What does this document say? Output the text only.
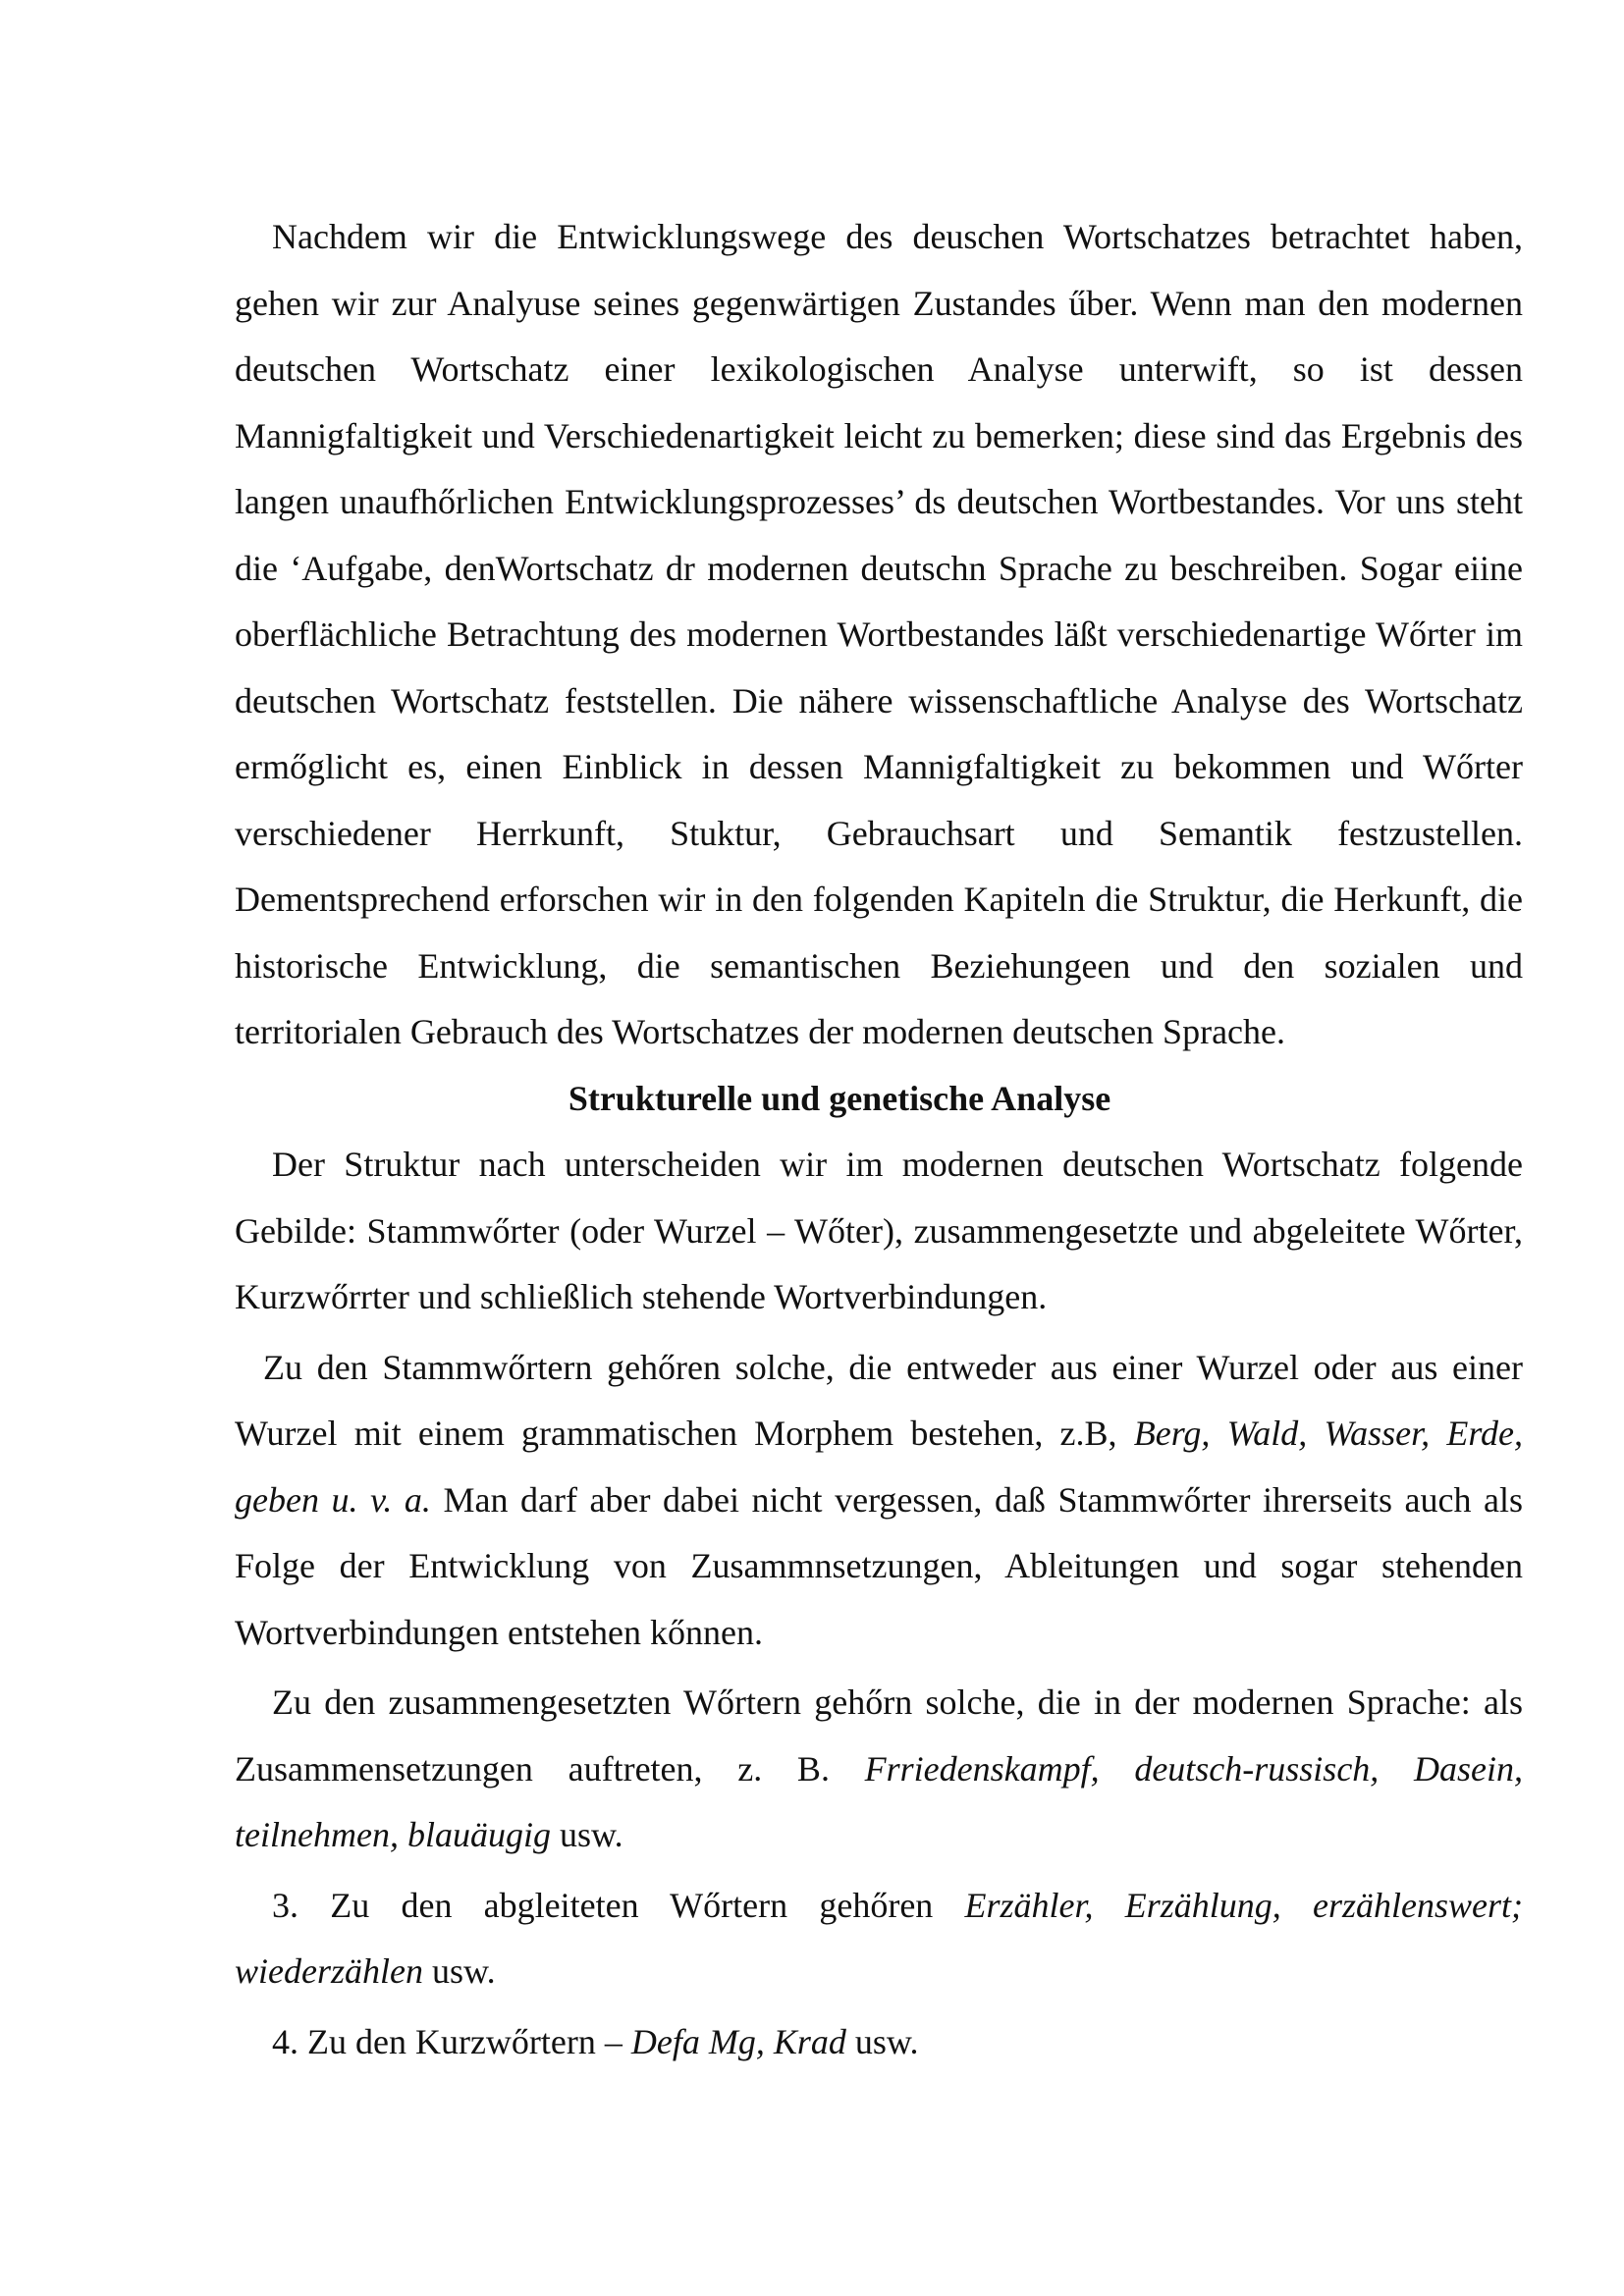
Nachdem wir die Entwicklungswege des deuschen Wortschatzes betrachtet haben, gehen wir zur Analyuse seines gegenwärtigen Zustandes űber. Wenn man den modernen deutschen Wortschatz einer lexikologischen Analyse unterwift, so ist dessen Mannigfaltigkeit und Verschiedenartigkeit leicht zu bemerken; diese sind das Ergebnis des langen unaufhőrlichen Entwicklungsprozesses’ ds deutschen Wortbestandes. Vor uns steht die ‘Aufgabe, denWortschatz dr modernen deutschn Sprache zu beschreiben. Sogar eiine oberflächliche Betrachtung des modernen Wortbestandes läßt verschiedenartige Wőrter im deutschen Wortschatz feststellen. Die nähere wissenschaftliche Analyse des Wortschatz ermőglicht es, einen Einblick in dessen Mannigfaltigkeit zu bekommen und Wőrter verschiedener Herrkunft, Stuktur, Gebrauchsart und Semantik festzustellen. Dementsprechend erforschen wir in den folgenden Kapiteln die Struktur, die Herkunft, die historische Entwicklung, die semantischen Beziehungeen und den sozialen und territorialen Gebrauch des Wortschatzes der modernen deutschen Sprache.

Strukturelle und genetische Analyse

Der Struktur nach unterscheiden wir im modernen deutschen Wortschatz folgende Gebilde: Stammwőrter (oder Wurzel – Wőter), zusammengesetzte und abgeleitete Wőrter, Kurzwőrrter und schließlich stehende Wortverbindungen.

Zu den Stammwőrtern gehőren solche, die entweder aus einer Wurzel oder aus einer Wurzel mit einem grammatischen Morphem bestehen, z.B, Berg, Wald, Wasser, Erde, geben u. v. a. Man darf aber dabei nicht vergessen, daß Stammwőrter ihrerseits auch als Folge der Entwicklung von Zusammnsetzungen, Ableitungen und sogar stehenden Wortverbindungen entstehen kőnnen.

Zu den zusammengesetzten Wőrtern gehőrn solche, die in der modernen Sprache: als Zusammensetzungen auftreten, z. B. Frriedenskampf, deutsch-russisch, Dasein, teilnehmen, blauäugig usw.

3. Zu den abgleiteten Wőrtern gehőren Erzähler, Erzählung, erzählenswert; wiederzählen usw.

4. Zu den Kurzwőrtern – Defa Mg, Krad usw.
